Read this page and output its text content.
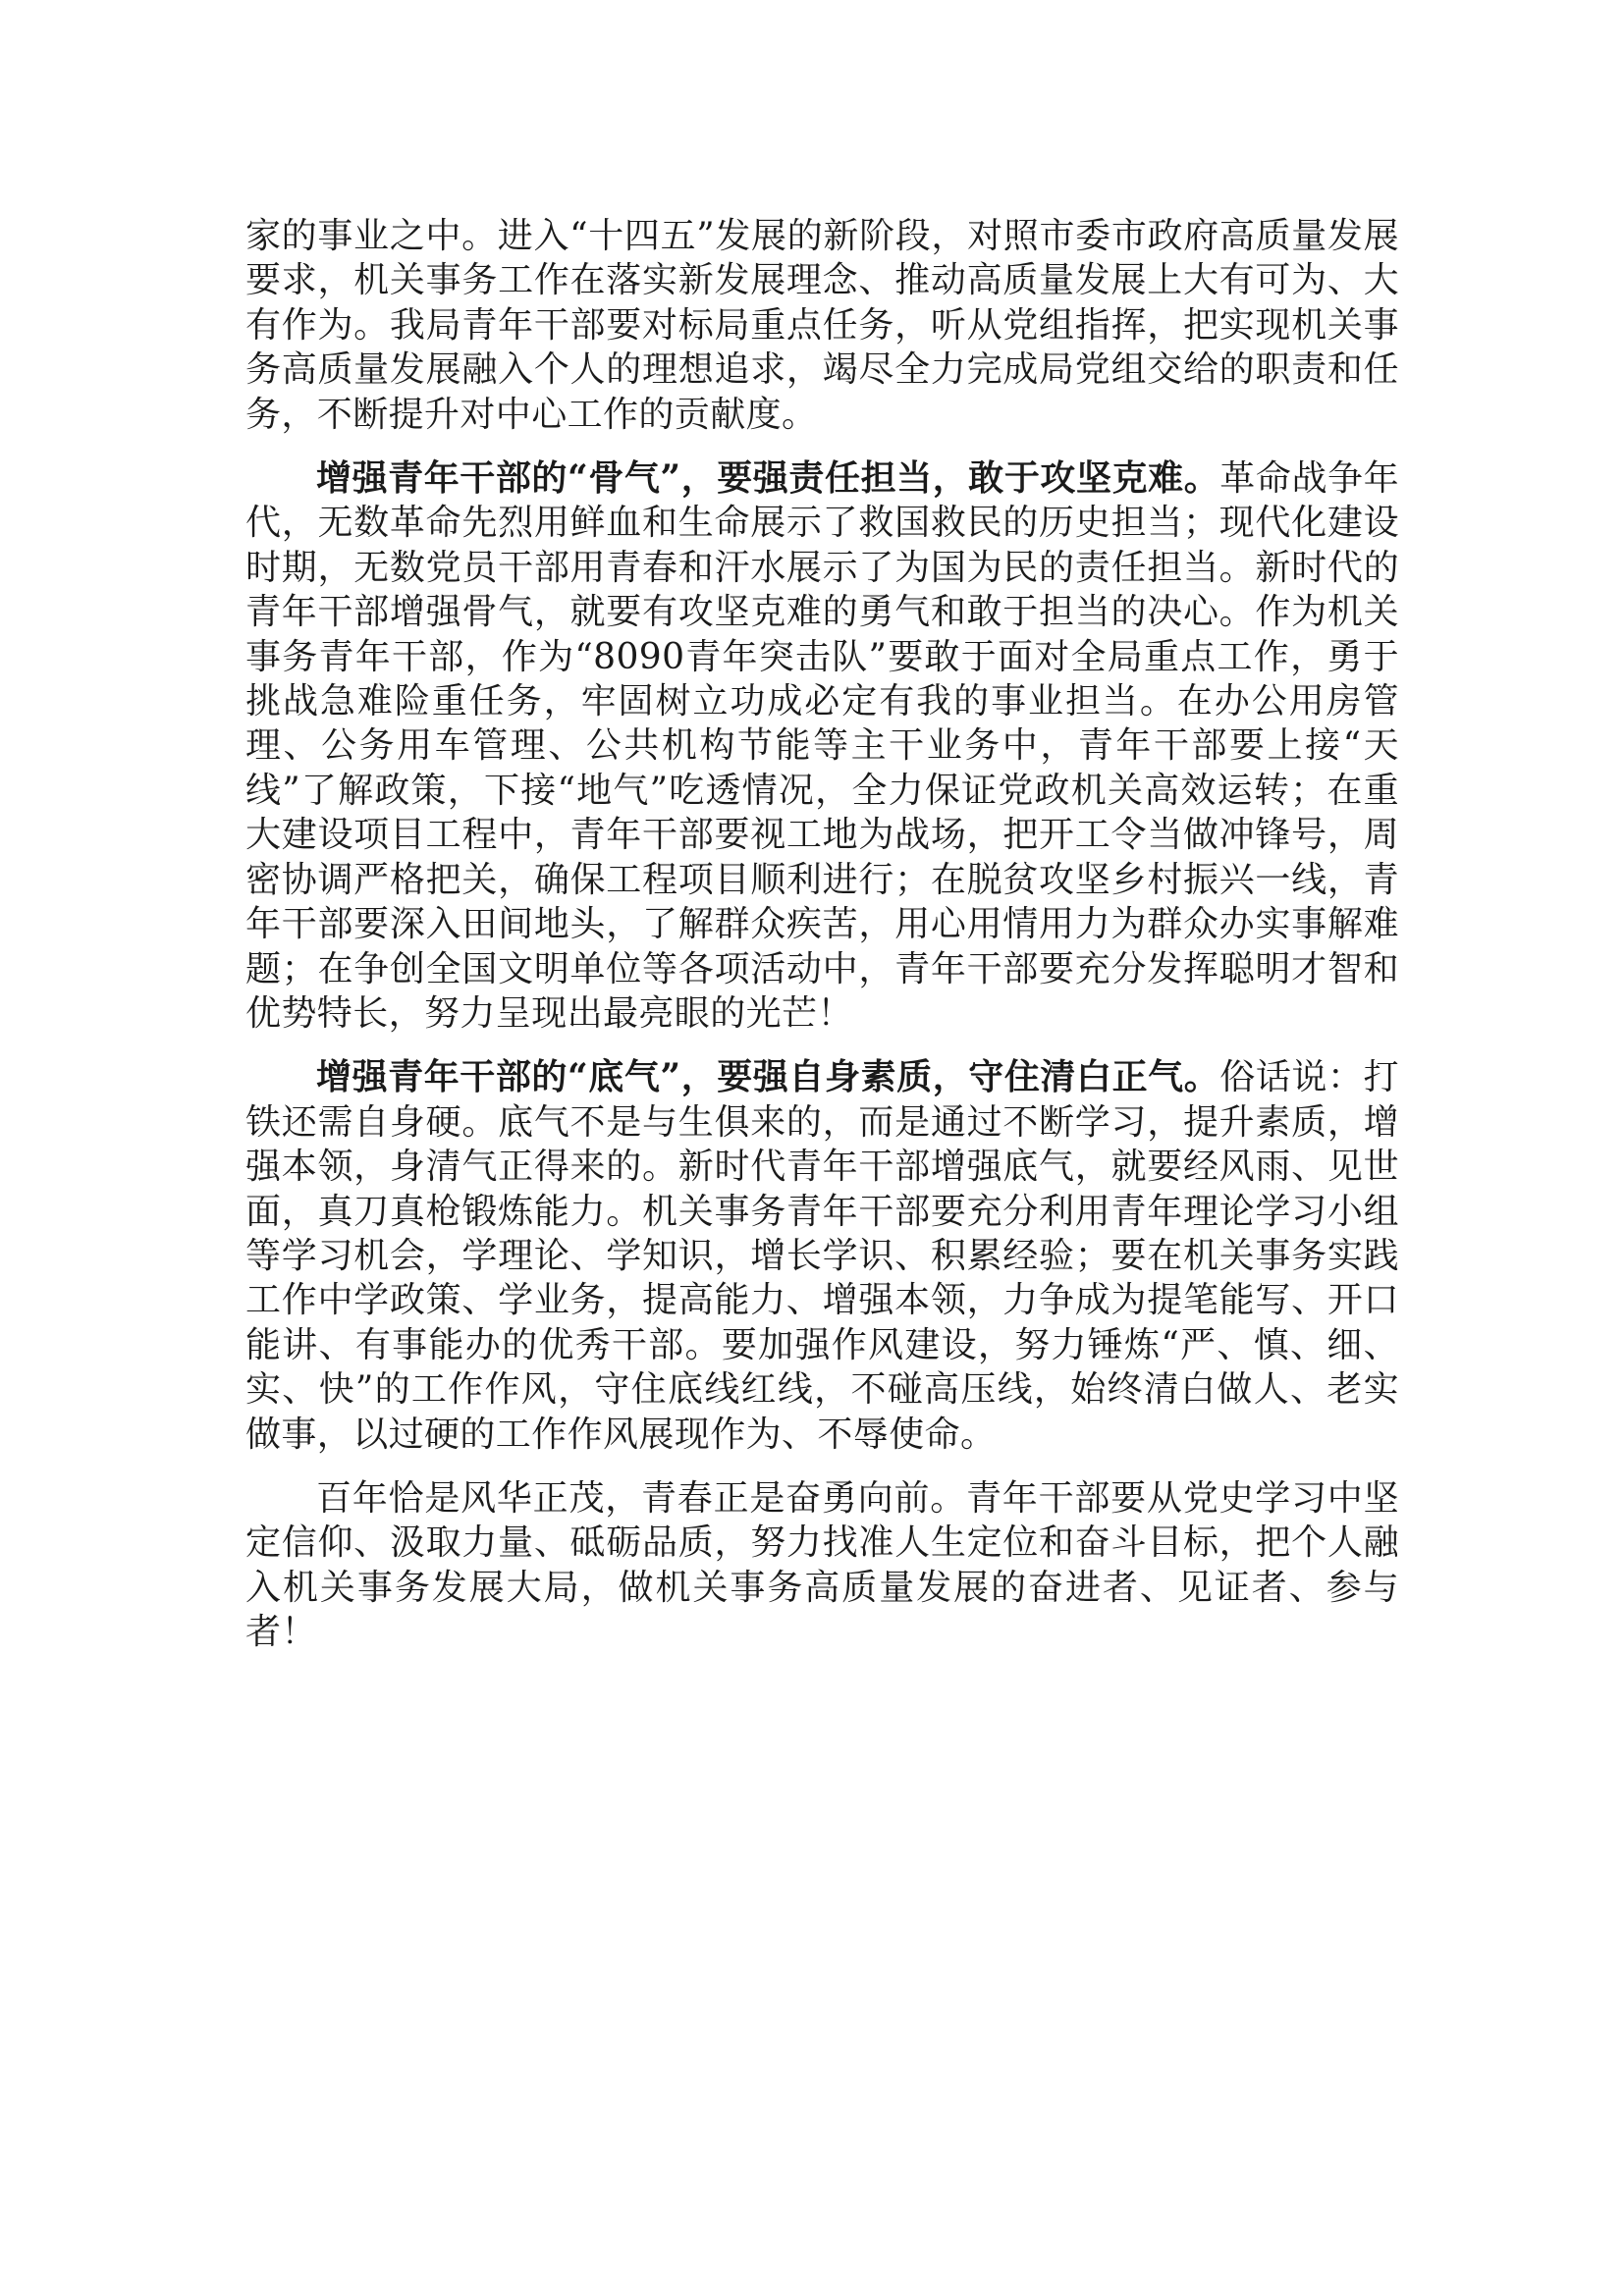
家的事业之中。进入“十四五”发展的新阶段，对照市委市政府高质量发展要求，机关事务工作在落实新发展理念、推动高质量发展上大有可为、大有作为。我局青年干部要对标局重点任务，听从党组指挥，把实现机关事务高质量发展融入个人的理想追求，竭尽全力完成局党组交给的职责和任务，不断提升对中心工作的贡献度。

增强青年干部的“骨气”，要强责任担当，敢于攻坚克难。革命战争年代，无数革命先烈用鲜血和生命展示了救国救民的历史担当；现代化建设时期，无数党员干部用青春和汗水展示了为国为民的责任担当。新时代的青年干部增强骨气，就要有攻坚克难的勇气和敢于担当的决心。作为机关事务青年干部，作为“8090青年突击队”要敢于面对全局重点工作，勇于挑战急难险重任务，牢固树立功成必定有我的事业担当。在办公用房管理、公务用车管理、公共机构节能等主干业务中，青年干部要上接“天线”了解政策，下接“地气”吃透情况，全力保证党政机关高效运转；在重大建设项目工程中，青年干部要视工地为战场，把开工令当做冲锋号，周密协调严格把关，确保工程项目顺利进行；在脱贫攻坚乡村振兴一线，青年干部要深入田间地头，了解群众疾苦，用心用情用力为群众办实事解难题；在争创全国文明单位等各项活动中，青年干部要充分发挥聪明才智和优势特长，努力呈现出最亮眼的光芒！

增强青年干部的“底气”，要强自身素质，守住清白正气。俗话说：打铁还需自身硬。底气不是与生俱来的，而是通过不断学习，提升素质，增强本领，身清气正得来的。新时代青年干部增强底气，就要经风雨、见世面，真刀真枪锻炼能力。机关事务青年干部要充分利用青年理论学习小组等学习机会，学理论、学知识，增长学识、积累经验；要在机关事务实践工作中学政策、学业务，提高能力、增强本领，力争成为提笔能写、开口能讲、有事能办的优秀干部。要加强作风建设，努力锤炼“严、慎、细、实、快”的工作作风，守住底线红线，不碰高压线，始终清白做人、老实做事，以过硬的工作作风展现作为、不辱使命。

百年恰是风华正茂，青春正是奋勇向前。青年干部要从党史学习中坚定信仰、汲取力量、砥砺品质，努力找准人生定位和奋斗目标，把个人融入机关事务发展大局，做机关事务高质量发展的奋进者、见证者、参与者！
